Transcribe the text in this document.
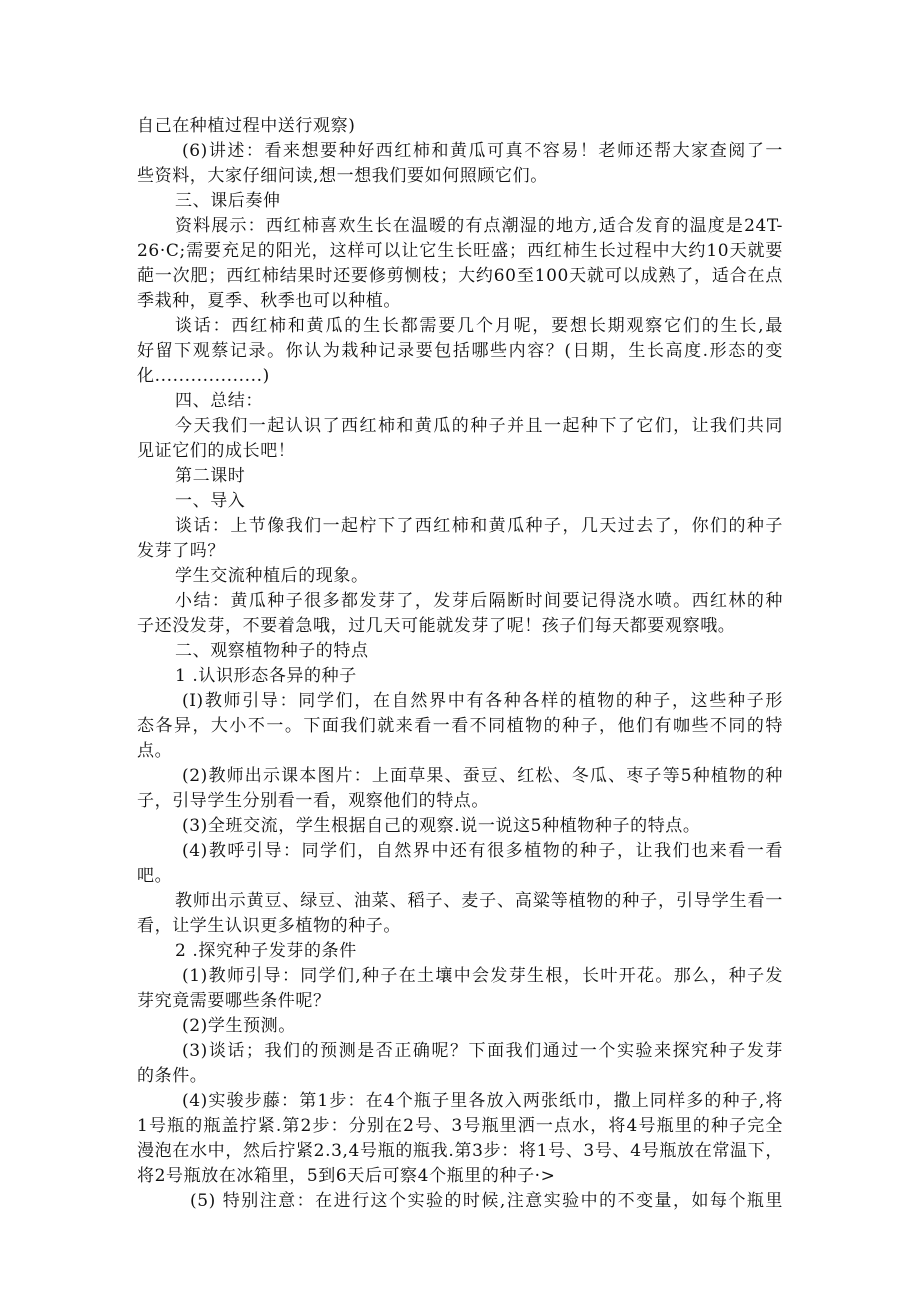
自己在种植过程中送行观察)
(6)讲述：看来想要种好西红柿和黄瓜可真不容易！老师还帮大家查阅了一
些资料，大家仔细问读,想一想我们要如何照顾它们。
三、课后奏伸
资料展示：西红柿喜欢生长在温暧的有点潮湿的地方,适合发育的温度是24T-
26·C;需要充足的阳光，这样可以让它生长旺盛；西红柿生长过程中大约10天就要
葩一次肥；西红柿结果时还要修剪恻枝；大约60至100天就可以成熟了，适合在点
季栽种，夏季、秋季也可以种植。
谈话：西红柿和黄瓜的生长都需要几个月呢，要想长期观察它们的生长,最
好留下观蔡记录。你认为栽种记录要包括哪些内容？(日期，生长高度.形态的变
化..................)
四、总结：
今天我们一起认识了西红柿和黄瓜的种子并且一起种下了它们，让我们共同
见证它们的成长吧！
第二课时
一、导入
谈话：上节像我们一起柠下了西红柿和黄瓜种子，几天过去了，你们的种子
发芽了吗？
学生交流种植后的现象。
小结：黄瓜种子很多都发芽了，发芽后隔断时间要记得浇水喷。西红林的种
子还没发芽，不要着急哦，过几天可能就发芽了呢！孩子们每天都要观察哦。
二、观察植物种子的特点
1 .认识形态各异的种子
(I)教师引导：同学们，在自然界中有各种各样的植物的种子，这些种子形
态各异，大小不一。下面我们就来看一看不同植物的种子，他们有咖些不同的特
点。
(2)教师出示课本图片：上面草果、蚕豆、红松、冬瓜、枣子等5种植物的种
子，引导学生分别看一看，观察他们的特点。
(3)全班交流，学生根据自己的观察.说一说这5种植物种子的特点。
(4)教呼引导：同学们，自然界中还有很多植物的种子，让我们也来看一看
吧。
教师出示黄豆、绿豆、油菜、稻子、麦子、高粱等植物的种子，引导学生看一
看，让学生认识更多植物的种子。
2 .探究种子发芽的条件
(1)教师引导：同学们,种子在土壤中会发芽生根，长叶开花。那么，种子发
芽究竟需要哪些条件呢？
(2)学生预测。
(3)谈话；我们的预测是否正确呢？下面我们通过一个实验来探究种子发芽
的条件。
(4)实骏步藤：第1步：在4个瓶子里各放入两张纸巾，撒上同样多的种子,将
1号瓶的瓶盖拧紧.第2步：分别在2号、3号瓶里洒一点水，将4号瓶里的种子完全
漫泡在水中，然后拧紧2.3,4号瓶的瓶我.第3步：将1号、3号、4号瓶放在常温下，
将2号瓶放在冰箱里，5到6天后可察4个瓶里的种子·>
(5) 特别注意：在进行这个实验的时候,注意实验中的不变量，如每个瓶里
